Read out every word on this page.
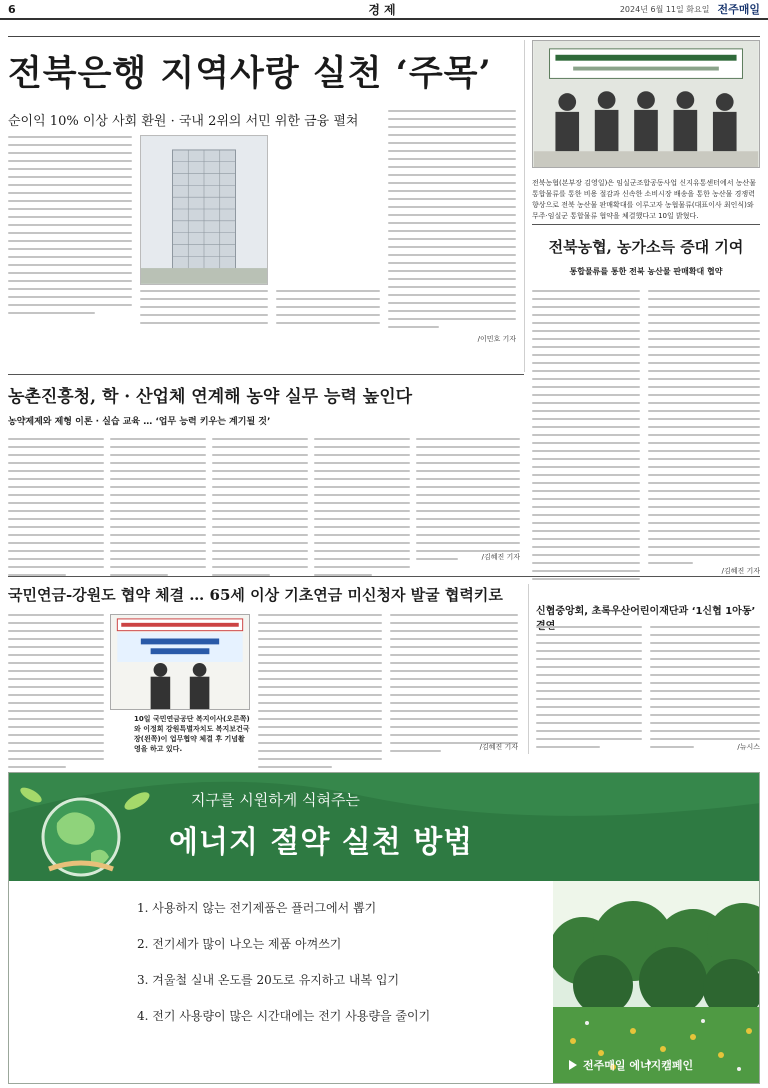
6	경제	2024년 6월 11일 화요일 전주매일
전북은행 지역사랑 실천 ‘주목’
순이익 10% 이상 사회 환원 · 국내 2위의 서민 위한 금융 펼쳐
/이민호 기자
전북농협(본부장 김영일)은 임실군조합공동사업 신지유통센터에서 농산물 통합물류를 통한 비용 절감과 신속한 소비시장 배송을 통한 농산물 경쟁력 향상으로 전북 농산물 판매확대를 이루고자 농협물류(대표이사 최인식)와 무주·임실군 통합물류 협약을 체결했다고 10일 밝혔다.
전북농협, 농가소득 증대 기여
통합물류를 통한 전북 농산물 판매확대 협약
/김혜진 기자
농촌진흥청, 학 · 산업체 연계해 농약 실무 능력 높인다
농약제제와 제형 이론 · 실습 교육 … ‘업무 능력 키우는 계기될 것’
/김혜진 기자
국민연금-강원도 협약 체결 … 65세 이상 기초연금 미신청자 발굴 협력키로
10일 국민연금공단 복지이사(오른쪽)와 이정희 강원특별자치도 복지보건국장(왼쪽)이 업무협약 체결 후 기념촬영을 하고 있다.	/김혜진 기자
신협중앙회, 초록우산어린이재단과 ‘1신협 1아동’
/뉴시스
지구를 시원하게 식혀주는
에너지 절약 실천 방법
1. 사용하지 않는 전기제품은 플러그에서 뽑기
2. 전기세가 많이 나오는 제품 아껴쓰기
3. 겨울철 실내 온도를 20도로 유지하고 내복 입기
4. 전기 사용량이 많은 시간대에는 전기 사용량을 줄이기
전주매일 에너지캠페인
